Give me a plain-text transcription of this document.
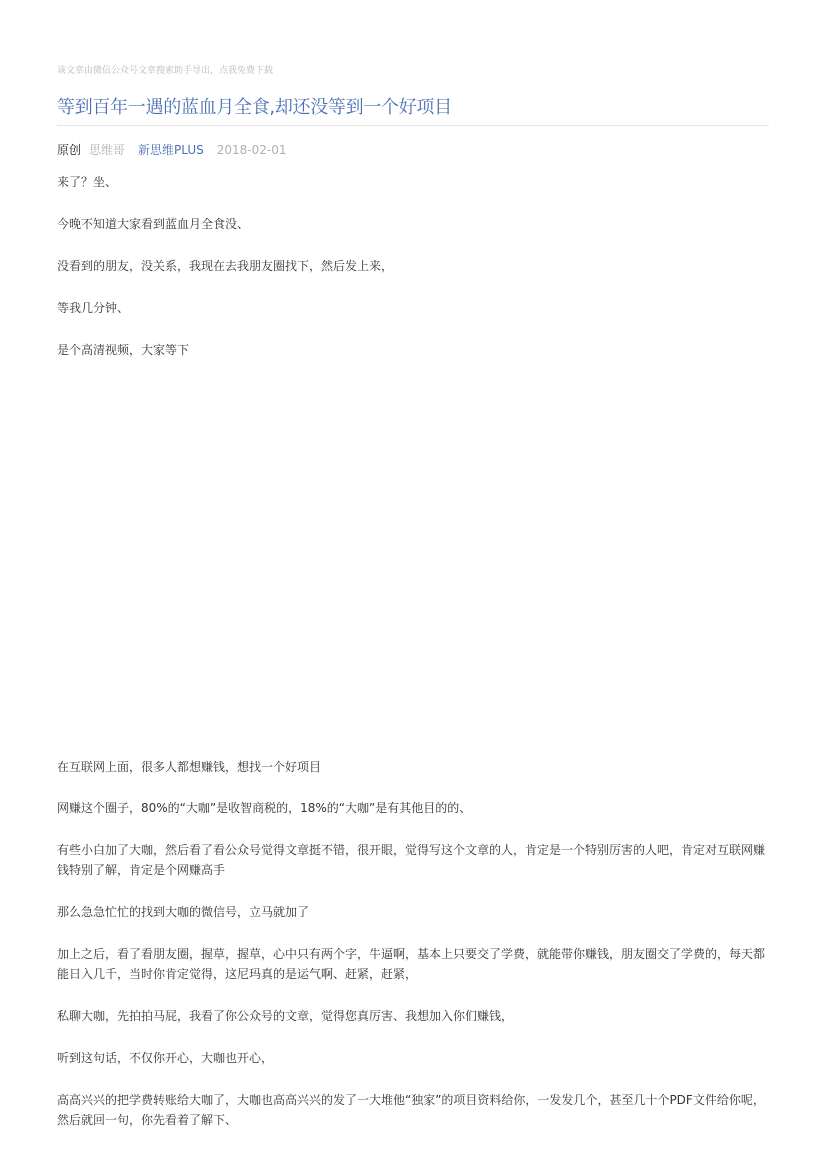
该文章由微信公众号文章搜索助手导出，点我免费下载
等到百年一遇的蓝血月全食,却还没等到一个好项目
原创 思维哥 新思维PLUS 2018-02-01

来了？坐、

今晚不知道大家看到蓝血月全食没、

没看到的朋友，没关系，我现在去我朋友圈找下，然后发上来，

等我几分钟、

是个高清视频，大家等下

在互联网上面，很多人都想赚钱，想找一个好项目

网赚这个圈子，80%的“大咖”是收智商税的，18%的“大咖”是有其他目的的、

有些小白加了大咖，然后看了看公众号觉得文章挺不错，很开眼，觉得写这个文章的人，肯定是一个特别厉害的人吧，肯定对互联网赚钱特别了解，肯定是个网赚高手

那么急急忙忙的找到大咖的微信号，立马就加了

加上之后，看了看朋友圈，握草，握草，心中只有两个字，牛逼啊，基本上只要交了学费，就能带你赚钱，朋友圈交了学费的，每天都能日入几千，当时你肯定觉得，这尼玛真的是运气啊、赶紧，赶紧，

私聊大咖，先拍拍马屁，我看了你公众号的文章，觉得您真厉害、我想加入你们赚钱，

听到这句话，不仅你开心，大咖也开心，

高高兴兴的把学费转账给大咖了，大咖也高高兴兴的发了一大堆他“独家”的项目资料给你，一发发几个，甚至几十个PDF文件给你呢，然后就回一句，你先看着了解下、
